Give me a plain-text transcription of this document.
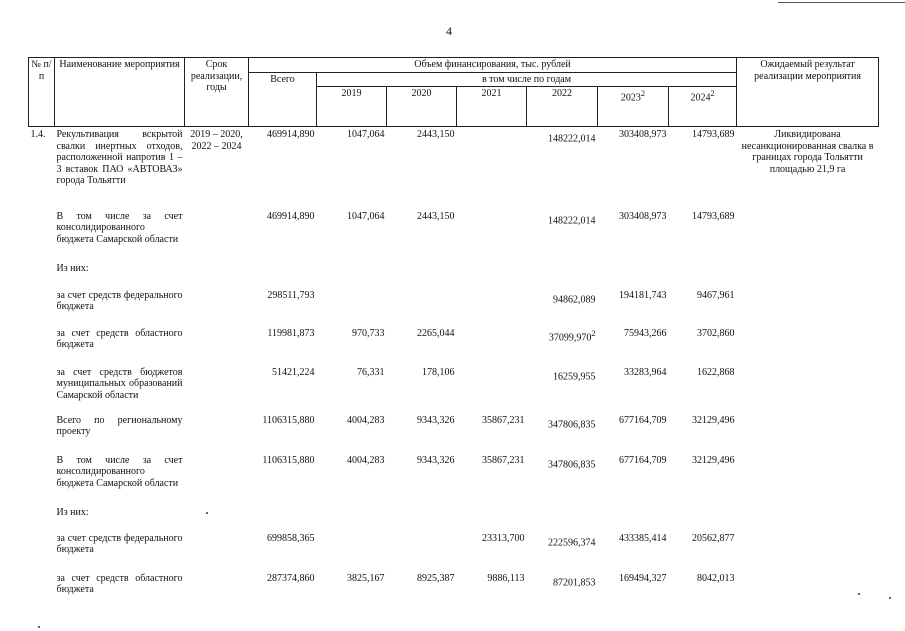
4
№ п/п	Наименование мероприятия	Срок реализации, годы	Объем финансирования, тыс. рублей							Ожидаемый результат реализации мероприятия
			Всего	в том числе по годам						
				2019	2020	2021	2022	2023$^2$	2024$^2$
1.4.	Рекультивация вскрытой свалки инертных отходов, расположенной напротив 1 – 3 вставок ПАО «АВТОВАЗ» города Тольятти	2019 – 2020, 2022 – 2024	469914,890	1047,064	2443,150		148222,014	303408,973	14793,689	Ликвидирована несанкционированная свалка в границах города Тольятти площадью 21,9 га
	В том числе за счет консолидированного бюджета Самарской области		469914,890	1047,064	2443,150		148222,014	303408,973	14793,689	
	Из них:									
	за счет средств федерального бюджета		298511,793				94862,089	194181,743	9467,961	
	за счет средств областного бюджета		119981,873	970,733	2265,044		37099,970$^2$	75943,266	3702,860	
	за счет средств бюджетов муниципальных образований Самарской области		51421,224	76,331	178,106		16259,955	33283,964	1622,868	
	Всего по региональному проекту		1106315,880	4004,283	9343,326	35867,231	347806,835	677164,709	32129,496	
	В том числе за счет консолидированного бюджета Самарской области		1106315,880	4004,283	9343,326	35867,231	347806,835	677164,709	32129,496	
	Из них:									
	за счет средств федерального бюджета		699858,365			23313,700	222596,374	433385,414	20562,877	
	за счет средств областного бюджета		287374,860	3825,167	8925,387	9886,113	87201,853	169494,327	8042,013	
